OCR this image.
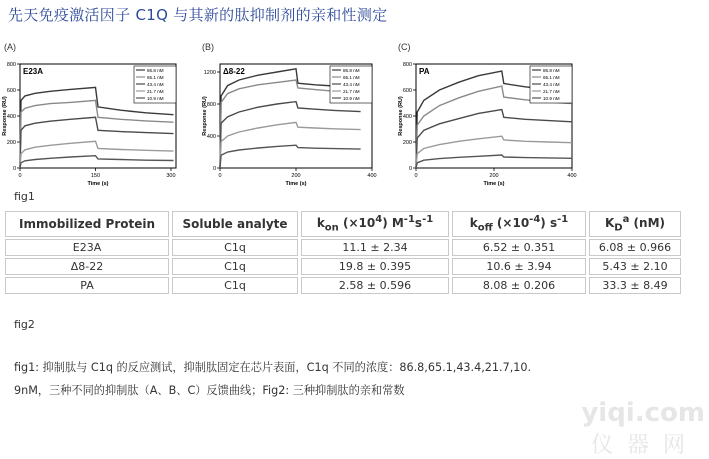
先天免疫激活因子 C1Q 与其新的肽抑制剂的亲和性测定
(A)
0
200
400
600
800
0	150	300
Time (s)
Response (RU)
E23A	86.8 nM
65.1 nM
43.4 nM
21.7 nM
10.9 nM
(B)
0
400
800
1200
0	200	400
Time (s)
Response (RU)
Δ8-22	86.8 nM
65.1 nM
43.4 nM
21.7 nM
10.9 nM
(C)
0
200
400
600
800
0	200	400
Time (s)
Response (RU)
PA	86.8 nM
65.1 nM
43.4 nM
21.7 nM
10.9 nM
fig1
Immobilized Protein	Soluble analyte	$k_{on}$ $(\times 10^4)$ $M^{-1}s^{-1}$	$k_{off}$ $(\times 10^{-4})$ $s^{-1}$	$K_D^a$ (nM)
E23A	C1q	11.1 ± 2.34	6.52 ± 0.351	6.08 ± 0.966
Δ8-22	C1q	19.8 ± 0.395	10.6 ± 3.94	5.43 ± 2.10
PA	C1q	2.58 ± 0.596	8.08 ± 0.206	33.3 ± 8.49
fig2
fig1: 抑制肽与 C1q 的反应测试，抑制肽固定在芯片表面，C1q 不同的浓度：86.8,65.1,43.4,21.7,10.
9nM，三种不同的抑制肽（A、B、C）反馈曲线；Fig2: 三种抑制肽的亲和常数
yiqi.com
仪器网
